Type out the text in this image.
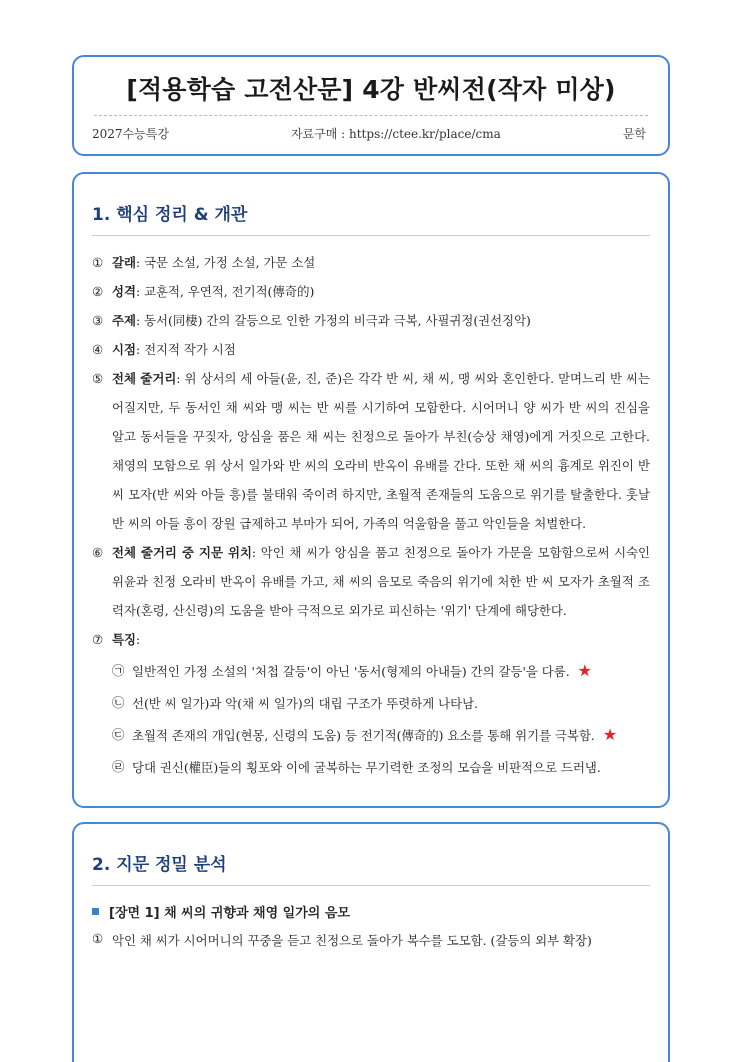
[적용학습 고전산문] 4강 반씨전(작자 미상)
2027수능특강	자료구매 : https://ctee.kr/place/cma	문학
1. 핵심 정리 & 개관
① 갈래: 국문 소설, 가정 소설, 가문 소설
② 성격: 교훈적, 우연적, 전기적(傳奇的)
③ 주제: 동서(同棲) 간의 갈등으로 인한 가정의 비극과 극복, 사필귀정(권선징악)
④ 시점: 전지적 작가 시점
⑤ 전체 줄거리: 위 상서의 세 아들(윤, 진, 준)은 각각 반 씨, 채 씨, 맹 씨와 혼인한다. 맏며느리 반 씨는 어질지만, 두 동서인 채 씨와 맹 씨는 반 씨를 시기하여 모함한다. 시어머니 양 씨가 반 씨의 진심을 알고 동서들을 꾸짖자, 앙심을 품은 채 씨는 친정으로 돌아가 부친(승상 채영)에게 거짓으로 고한다. 채영의 모함으로 위 상서 일가와 반 씨의 오라비 반옥이 유배를 간다. 또한 채 씨의 흉계로 위진이 반 씨 모자(반 씨와 아들 흥)를 불태워 죽이려 하지만, 초월적 존재들의 도움으로 위기를 탈출한다. 훗날 반 씨의 아들 흥이 장원 급제하고 부마가 되어, 가족의 억울함을 풀고 악인들을 처벌한다.
⑥ 전체 줄거리 중 지문 위치: 악인 채 씨가 앙심을 품고 친정으로 돌아가 가문을 모함함으로써 시숙인 위윤과 친정 오라비 반옥이 유배를 가고, 채 씨의 음모로 죽음의 위기에 처한 반 씨 모자가 초월적 조력자(혼령, 산신령)의 도움을 받아 극적으로 외가로 피신하는 '위기' 단계에 해당한다.
⑦ 특징:
㉠ 일반적인 가정 소설의 '처첩 갈등'이 아닌 '동서(형제의 아내들) 간의 갈등'을 다룸. ★
㉡ 선(반 씨 일가)과 악(채 씨 일가)의 대립 구조가 뚜렷하게 나타남.
㉢ 초월적 존재의 개입(현몽, 신령의 도움) 등 전기적(傳奇的) 요소를 통해 위기를 극복함. ★
㉣ 당대 권신(權臣)들의 횡포와 이에 굴복하는 무기력한 조정의 모습을 비판적으로 드러냄.
2. 지문 정밀 분석
[장면 1] 채 씨의 귀향과 채영 일가의 음모
① 악인 채 씨가 시어머니의 꾸중을 듣고 친정으로 돌아가 복수를 도모함. (갈등의 외부 확장)
